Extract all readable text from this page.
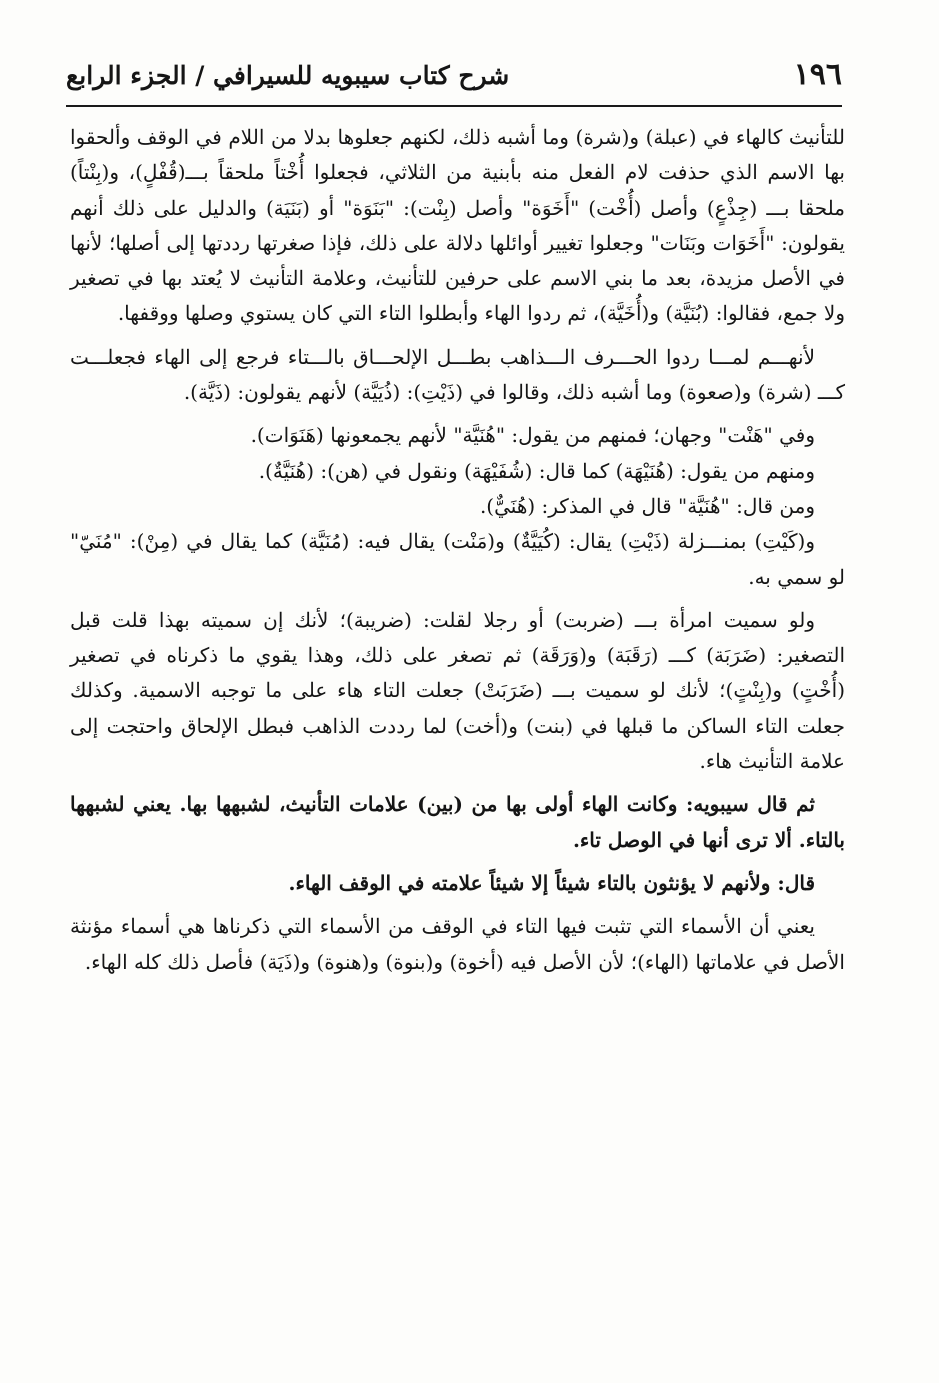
١٩٦
شرح كتاب سيبويه للسيرافي / الجزء الرابع

للتأنيث كالهاء في (عبلة) و(شرة) وما أشبه ذلك، لكنهم جعلوها بدلا من اللام في الوقف وألحقوا بها الاسم الذي حذفت لام الفعل منه بأبنية من الثلاثي، فجعلوا أُخْتاً ملحقاً بـــ(قُفْلٍ)، و(بِنْتاً) ملحقا بـــ (جِذْعٍ) وأصل (أُخْت) "أَخَوَة" وأصل (بِنْت): "بَنَوَة" أو (بَنَيَة) والدليل على ذلك أنهم يقولون: "أَخَوَات وبَنَات" وجعلوا تغيير أوائلها دلالة على ذلك، فإذا صغرتها رددتها إلى أصلها؛ لأنها في الأصل مزيدة، بعد ما بني الاسم على حرفين للتأنيث، وعلامة التأنيث لا يُعتد بها في تصغير ولا جمع، فقالوا: (بُنَيَّة) و(أُخَيَّة)، ثم ردوا الهاء وأبطلوا التاء التي كان يستوي وصلها ووقفها.

لأنهـــم لمـــا ردوا الحـــرف الـــذاهب بطـــل الإلحـــاق بالـــتاء فرجع إلى الهاء فجعلـــت كـــ (شرة) و(صعوة) وما أشبه ذلك، وقالوا في (ذَيْتِ): (ذُيَيَّة) لأنهم يقولون: (ذَيَّة).

وفي "هَنْت" وجهان؛ فمنهم من يقول: "هُنَيَّة" لأنهم يجمعونها (هَنَوَات).

ومنهم من يقول: (هُنَيْهَة) كما قال: (شُفَيْهَة) ونقول في (هن): (هُنَيَّةٌ).

ومن قال: "هُنَيَّة" قال في المذكر: (هُنَيٌّ).

و(كَيْتِ) بمنـــزلة (ذَيْتِ) يقال: (كُيَيَّةٌ) و(مَنْت) يقال فيه: (مُنَيَّة) كما يقال في (مِنْ): "مُنَيّ" لو سمي به.

ولو سميت امرأة بـــ (ضربت) أو رجلا لقلت: (ضريبة)؛ لأنك إن سميته بهذا قلت قبل التصغير: (ضَرَبَة) كـــ (رَقَبَة) و(وَرَقَة) ثم تصغر على ذلك، وهذا يقوي ما ذكرناه في تصغير (أُخْتٍ) و(بِنْتٍ)؛ لأنك لو سميت بـــ (ضَرَبَتْ) جعلت التاء هاء على ما توجبه الاسمية. وكذلك جعلت التاء الساكن ما قبلها في (بنت) و(أخت) لما رددت الذاهب فبطل الإلحاق واحتجت إلى علامة التأنيث هاء.

ثم قال سيبويه: وكانت الهاء أولى بها من (بين) علامات التأنيث، لشبهها بها. يعني لشبهها بالتاء. ألا ترى أنها في الوصل تاء.

قال: ولأنهم لا يؤنثون بالتاء شيئاً إلا شيئاً علامته في الوقف الهاء.

يعني أن الأسماء التي تثبت فيها التاء في الوقف من الأسماء التي ذكرناها هي أسماء مؤنثة الأصل في علاماتها (الهاء)؛ لأن الأصل فيه (أخوة) و(بنوة) و(هنوة) و(ذَيَة) فأصل ذلك كله الهاء.
